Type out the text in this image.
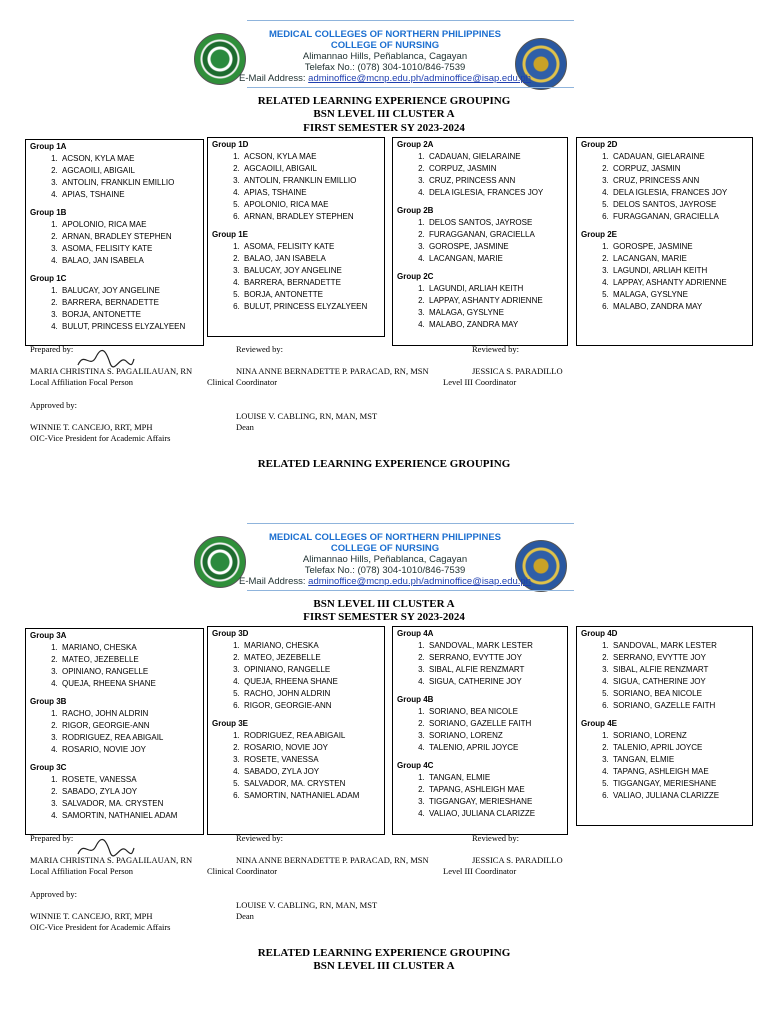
MEDICAL COLLEGES OF NORTHERN PHILIPPINES
COLLEGE OF NURSING
Alimannao Hills, Peñablanca, Cagayan
Telefax No.: (078) 304-1010/846-7539
E-Mail Address: adminoffice@mcnp.edu.ph/adminoffice@isap.edu.ph
RELATED LEARNING EXPERIENCE GROUPING
BSN LEVEL III CLUSTER A
FIRST SEMESTER SY 2023-2024
Group 1A
1. ACSON, KYLA MAE
2. AGCAOILI, ABIGAIL
3. ANTOLIN, FRANKLIN EMILLIO
4. APIAS, TSHAINE
Group 1B
1. APOLONIO, RICA MAE
2. ARNAN, BRADLEY STEPHEN
3. ASOMA, FELISITY KATE
4. BALAO, JAN ISABELA
Group 1C
1. BALUCAY, JOY ANGELINE
2. BARRERA, BERNADETTE
3. BORJA, ANTONETTE
4. BULUT, PRINCESS ELYZALYEEN
Group 1D
1. ACSON, KYLA MAE
2. AGCAOILI, ABIGAIL
3. ANTOLIN, FRANKLIN EMILLIO
4. APIAS, TSHAINE
5. APOLONIO, RICA MAE
6. ARNAN, BRADLEY STEPHEN
Group 1E
1. ASOMA, FELISITY KATE
2. BALAO, JAN ISABELA
3. BALUCAY, JOY ANGELINE
4. BARRERA, BERNADETTE
5. BORJA, ANTONETTE
6. BULUT, PRINCESS ELYZALYEEN
Group 2A
1. CADAUAN, GIELARAINE
2. CORPUZ, JASMIN
3. CRUZ, PRINCESS ANN
4. DELA IGLESIA, FRANCES JOY
Group 2B
1. DELOS SANTOS, JAYROSE
2. FURAGGANAN, GRACIELLA
3. GOROSPE, JASMINE
4. LACANGAN, MARIE
Group 2C
1. LAGUNDI, ARLIAH KEITH
2. LAPPAY, ASHANTY ADRIENNE
3. MALAGA, GYSLYNE
4. MALABO, ZANDRA MAY
Group 2D
1. CADAUAN, GIELARAINE
2. CORPUZ, JASMIN
3. CRUZ, PRINCESS ANN
4. DELA IGLESIA, FRANCES JOY
5. DELOS SANTOS, JAYROSE
6. FURAGGANAN, GRACIELLA
Group 2E
1. GOROSPE, JASMINE
2. LACANGAN, MARIE
3. LAGUNDI, ARLIAH KEITH
4. LAPPAY, ASHANTY ADRIENNE
5. MALAGA, GYSLYNE
6. MALABO, ZANDRA MAY
Prepared by:	Reviewed by:	Reviewed by:
MARIA CHRISTINA S. PAGALILAUAN, RN
Local Affiliation Focal Person
NINA ANNE BERNADETTE P. PARACAD, RN, MSN
Clinical Coordinator
JESSICA S. PARADILLO
Level III Coordinator
Approved by:
LOUISE V. CABLING, RN, MAN, MST
Dean
WINNIE T. CANCEJO, RRT, MPH
OIC-Vice President for Academic Affairs
RELATED LEARNING EXPERIENCE GROUPING
MEDICAL COLLEGES OF NORTHERN PHILIPPINES
COLLEGE OF NURSING
Alimannao Hills, Peñablanca, Cagayan
Telefax No.: (078) 304-1010/846-7539
E-Mail Address: adminoffice@mcnp.edu.ph/adminoffice@isap.edu.ph
BSN LEVEL III CLUSTER A
FIRST SEMESTER SY 2023-2024
Group 3A
1. MARIANO, CHESKA
2. MATEO, JEZEBELLE
3. OPINIANO, RANGELLE
4. QUEJA, RHEENA SHANE
Group 3B
1. RACHO, JOHN ALDRIN
2. RIGOR, GEORGIE-ANN
3. RODRIGUEZ, REA ABIGAIL
4. ROSARIO, NOVIE JOY
Group 3C
1. ROSETE, VANESSA
2. SABADO, ZYLA JOY
3. SALVADOR, MA. CRYSTEN
4. SAMORTIN, NATHANIEL ADAM
Group 3D
1. MARIANO, CHESKA
2. MATEO, JEZEBELLE
3. OPINIANO, RANGELLE
4. QUEJA, RHEENA SHANE
5. RACHO, JOHN ALDRIN
6. RIGOR, GEORGIE-ANN
Group 3E
1. RODRIGUEZ, REA ABIGAIL
2. ROSARIO, NOVIE JOY
3. ROSETE, VANESSA
4. SABADO, ZYLA JOY
5. SALVADOR, MA. CRYSTEN
6. SAMORTIN, NATHANIEL ADAM
Group 4A
1. SANDOVAL, MARK LESTER
2. SERRANO, EVYTTE JOY
3. SIBAL, ALFIE RENZMART
4. SIGUA, CATHERINE JOY
Group 4B
1. SORIANO, BEA NICOLE
2. SORIANO, GAZELLE FAITH
3. SORIANO, LORENZ
4. TALENIO, APRIL JOYCE
Group 4C
1. TANGAN, ELMIE
2. TAPANG, ASHLEIGH MAE
3. TIGGANGAY, MERIESHANE
4. VALIAO, JULIANA CLARIZZE
Group 4D
1. SANDOVAL, MARK LESTER
2. SERRANO, EVYTTE JOY
3. SIBAL, ALFIE RENZMART
4. SIGUA, CATHERINE JOY
5. SORIANO, BEA NICOLE
6. SORIANO, GAZELLE FAITH
Group 4E
1. SORIANO, LORENZ
2. TALENIO, APRIL JOYCE
3. TANGAN, ELMIE
4. TAPANG, ASHLEIGH MAE
5. TIGGANGAY, MERIESHANE
6. VALIAO, JULIANA CLARIZZE
Prepared by:	Reviewed by:	Reviewed by:
MARIA CHRISTINA S. PAGALILAUAN, RN
Local Affiliation Focal Person
NINA ANNE BERNADETTE P. PARACAD, RN, MSN
Clinical Coordinator
JESSICA S. PARADILLO
Level III Coordinator
Approved by:
LOUISE V. CABLING, RN, MAN, MST
Dean
WINNIE T. CANCEJO, RRT, MPH
OIC-Vice President for Academic Affairs
RELATED LEARNING EXPERIENCE GROUPING
BSN LEVEL III CLUSTER A
